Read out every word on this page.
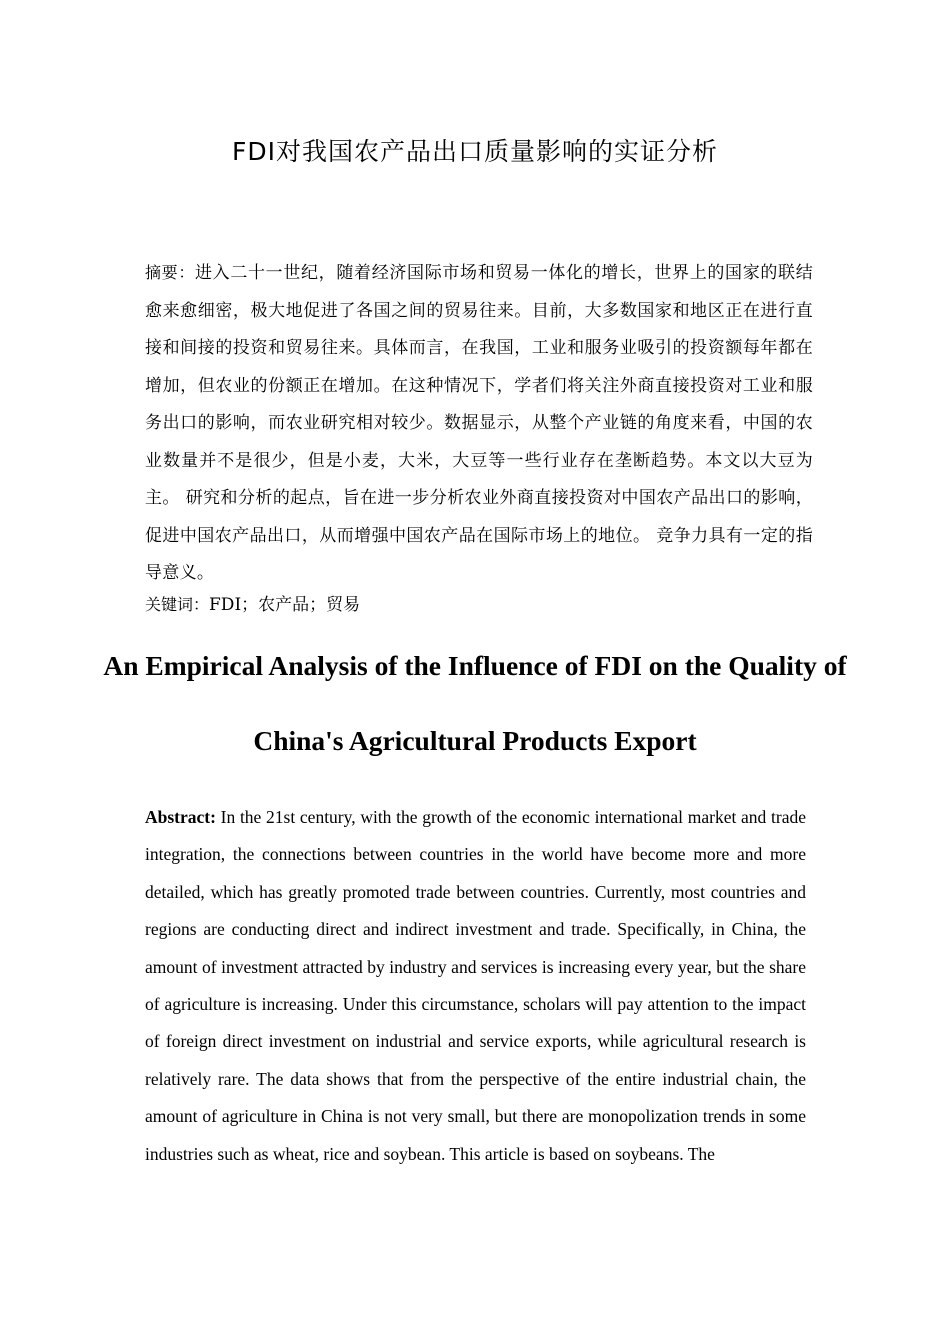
FDI对我国农产品出口质量影响的实证分析
摘要：进入二十一世纪，随着经济国际市场和贸易一体化的增长，世界上的国家的联结愈来愈细密，极大地促进了各国之间的贸易往来。目前，大多数国家和地区正在进行直接和间接的投资和贸易往来。具体而言，在我国，工业和服务业吸引的投资额每年都在增加，但农业的份额正在增加。在这种情况下，学者们将关注外商直接投资对工业和服务出口的影响，而农业研究相对较少。数据显示，从整个产业链的角度来看，中国的农业数量并不是很少，但是小麦，大米，大豆等一些行业存在垄断趋势。本文以大豆为主。 研究和分析的起点，旨在进一步分析农业外商直接投资对中国农产品出口的影响，促进中国农产品出口，从而增强中国农产品在国际市场上的地位。 竞争力具有一定的指导意义。
关键词：FDI；农产品；贸易
An Empirical Analysis of the Influence of FDI on the Quality of China's Agricultural Products Export
Abstract: In the 21st century, with the growth of the economic international market and trade integration, the connections between countries in the world have become more and more detailed, which has greatly promoted trade between countries. Currently, most countries and regions are conducting direct and indirect investment and trade. Specifically, in China, the amount of investment attracted by industry and services is increasing every year, but the share of agriculture is increasing. Under this circumstance, scholars will pay attention to the impact of foreign direct investment on industrial and service exports, while agricultural research is relatively rare. The data shows that from the perspective of the entire industrial chain, the amount of agriculture in China is not very small, but there are monopolization trends in some industries such as wheat, rice and soybean. This article is based on soybeans. The
